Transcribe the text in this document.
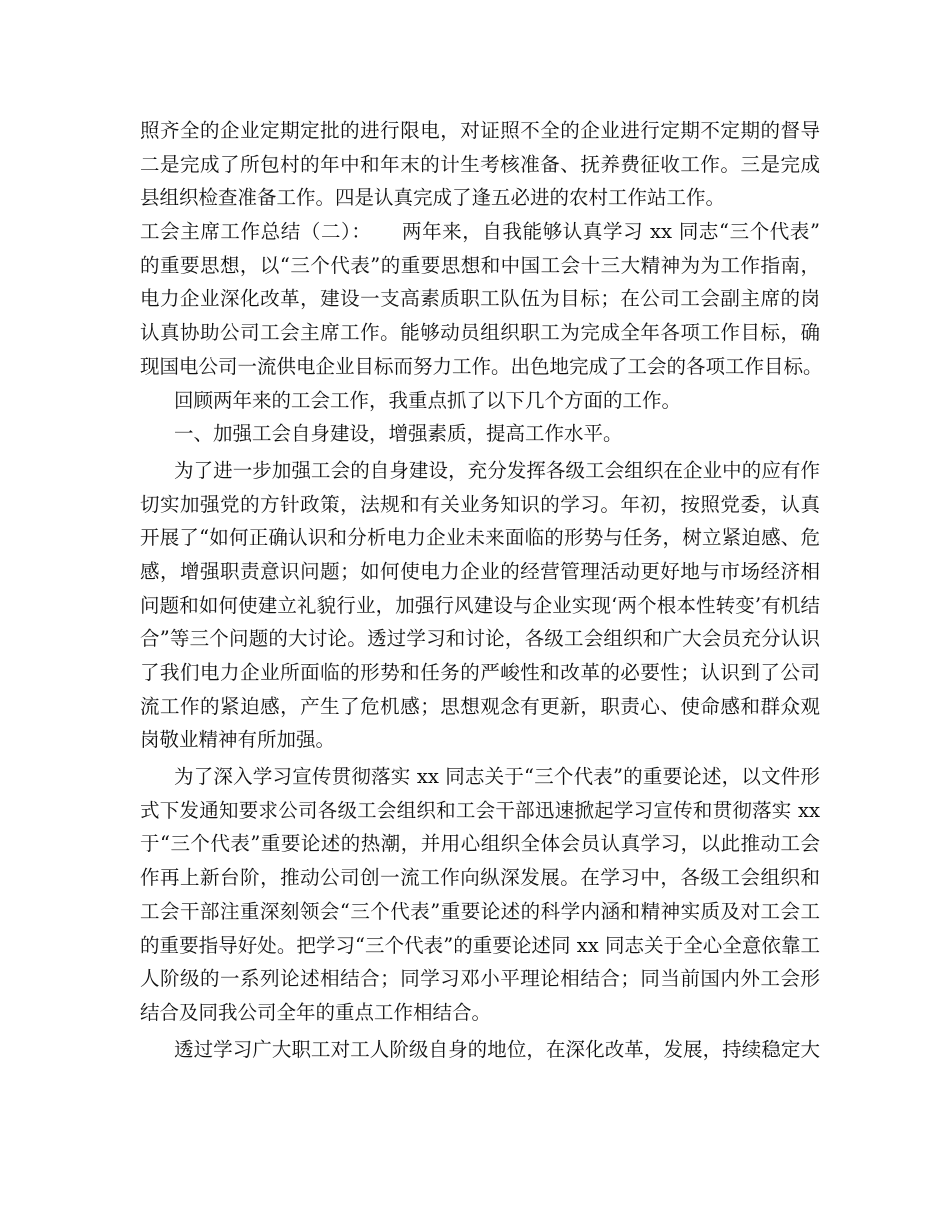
照齐全的企业定期定批的进行限电，对证照不全的企业进行定期不定期的督导
二是完成了所包村的年中和年末的计生考核准备、抚养费征收工作。三是完成
县组织检查准备工作。四是认真完成了逢五必进的农村工作站工作。
工会主席工作总结（二）：　　两年来，自我能够认真学习 xx 同志“三个代表”
的重要思想，以“三个代表”的重要思想和中国工会十三大精神为为工作指南，
电力企业深化改革，建设一支高素质职工队伍为目标；在公司工会副主席的岗
认真协助公司工会主席工作。能够动员组织职工为完成全年各项工作目标，确
现国电公司一流供电企业目标而努力工作。出色地完成了工会的各项工作目标。
回顾两年来的工会工作，我重点抓了以下几个方面的工作。
一、加强工会自身建设，增强素质，提高工作水平。
为了进一步加强工会的自身建设，充分发挥各级工会组织在企业中的应有作
切实加强党的方针政策，法规和有关业务知识的学习。年初，按照党委，认真
开展了“如何正确认识和分析电力企业未来面临的形势与任务，树立紧迫感、危
感，增强职责意识问题；如何使电力企业的经营管理活动更好地与市场经济相
问题和如何使建立礼貌行业，加强行风建设与企业实现‘两个根本性转变’有机结
合”等三个问题的大讨论。透过学习和讨论，各级工会组织和广大会员充分认识
了我们电力企业所面临的形势和任务的严峻性和改革的必要性；认识到了公司
流工作的紧迫感，产生了危机感；思想观念有更新，职责心、使命感和群众观
岗敬业精神有所加强。
为了深入学习宣传贯彻落实 xx 同志关于“三个代表”的重要论述，以文件形
式下发通知要求公司各级工会组织和工会干部迅速掀起学习宣传和贯彻落实 xx
于“三个代表”重要论述的热潮，并用心组织全体会员认真学习，以此推动工会
作再上新台阶，推动公司创一流工作向纵深发展。在学习中，各级工会组织和
工会干部注重深刻领会“三个代表”重要论述的科学内涵和精神实质及对工会工
的重要指导好处。把学习“三个代表”的重要论述同 xx 同志关于全心全意依靠工
人阶级的一系列论述相结合；同学习邓小平理论相结合；同当前国内外工会形
结合及同我公司全年的重点工作相结合。
透过学习广大职工对工人阶级自身的地位，在深化改革，发展，持续稳定大
